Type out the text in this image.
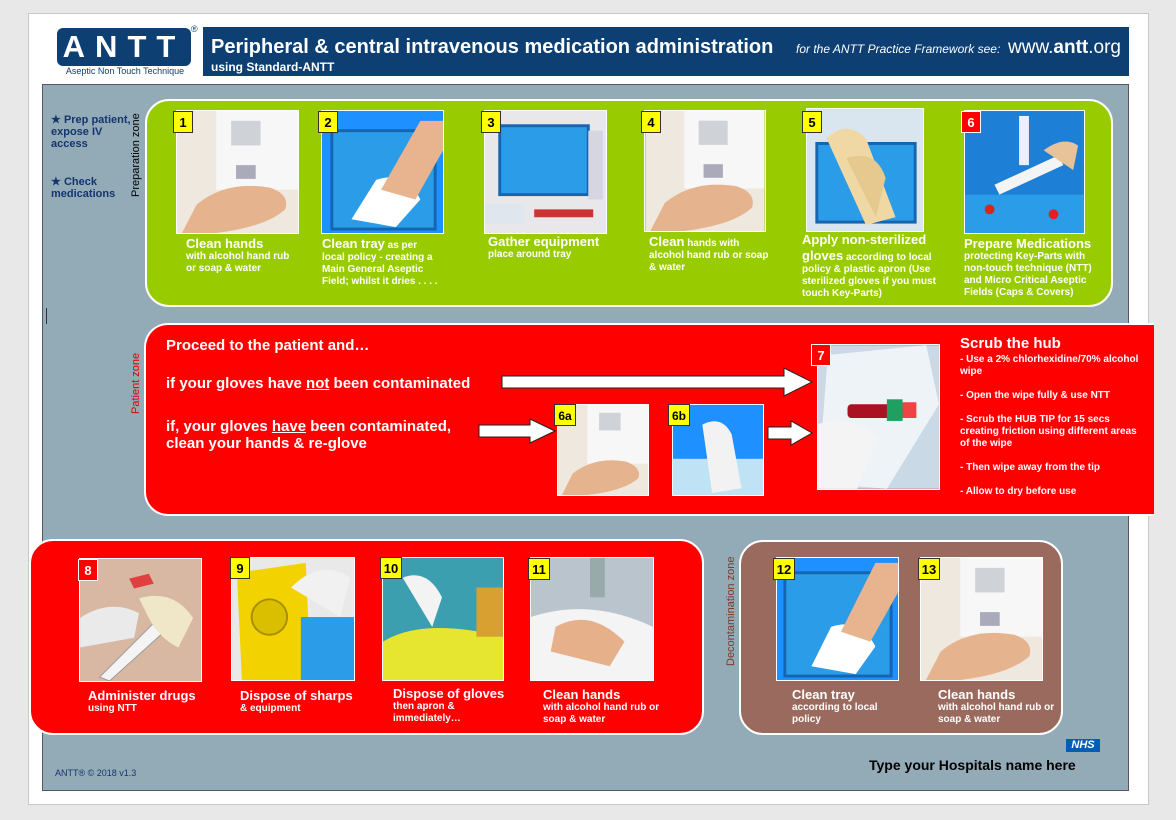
ANTT ®
Aseptic Non Touch Technique
Peripheral & central intravenous medication administration
using Standard-ANTT
for the ANTT Practice Framework see: www.antt.org
★ Prep patient, expose IV access
★ Check medications	Preparation zone
Patient zone
Decontamination zone
1
Clean hands
with alcohol hand rub or soap & water
2
Clean tray as per
local policy - creating a Main General Aseptic Field; whilst it dries . . . .
3
Gather equipment
place around tray
4
Clean hands with
alcohol hand rub or soap & water
5
Apply non-sterilized gloves according to local
policy & plastic apron (Use sterilized gloves if you must touch Key-Parts)
6
Prepare Medications
protecting Key-Parts with non-touch technique (NTT) and Micro Critical Aseptic Fields (Caps & Covers)
Proceed to the patient and…
if your gloves have not been contaminated
if, your gloves have been contaminated,
clean your hands & re-glove
6a	6b
7
Scrub the hub
- Use a 2% chlorhexidine/70% alcohol wipe
- Open the wipe fully & use NTT
- Scrub the HUB TIP for 15 secs creating friction using different areas of the wipe
- Then wipe away from the tip
- Allow to dry before use
8
Administer drugs
using NTT
9
Dispose of sharps
& equipment
10
Dispose of gloves
then apron & immediately…
11
Clean hands
with alcohol hand rub or soap & water
12
Clean tray
according to local policy
13
Clean hands
with alcohol hand rub or soap & water
ANTT® © 2018 v1.3
NHS
Type your Hospitals name here
